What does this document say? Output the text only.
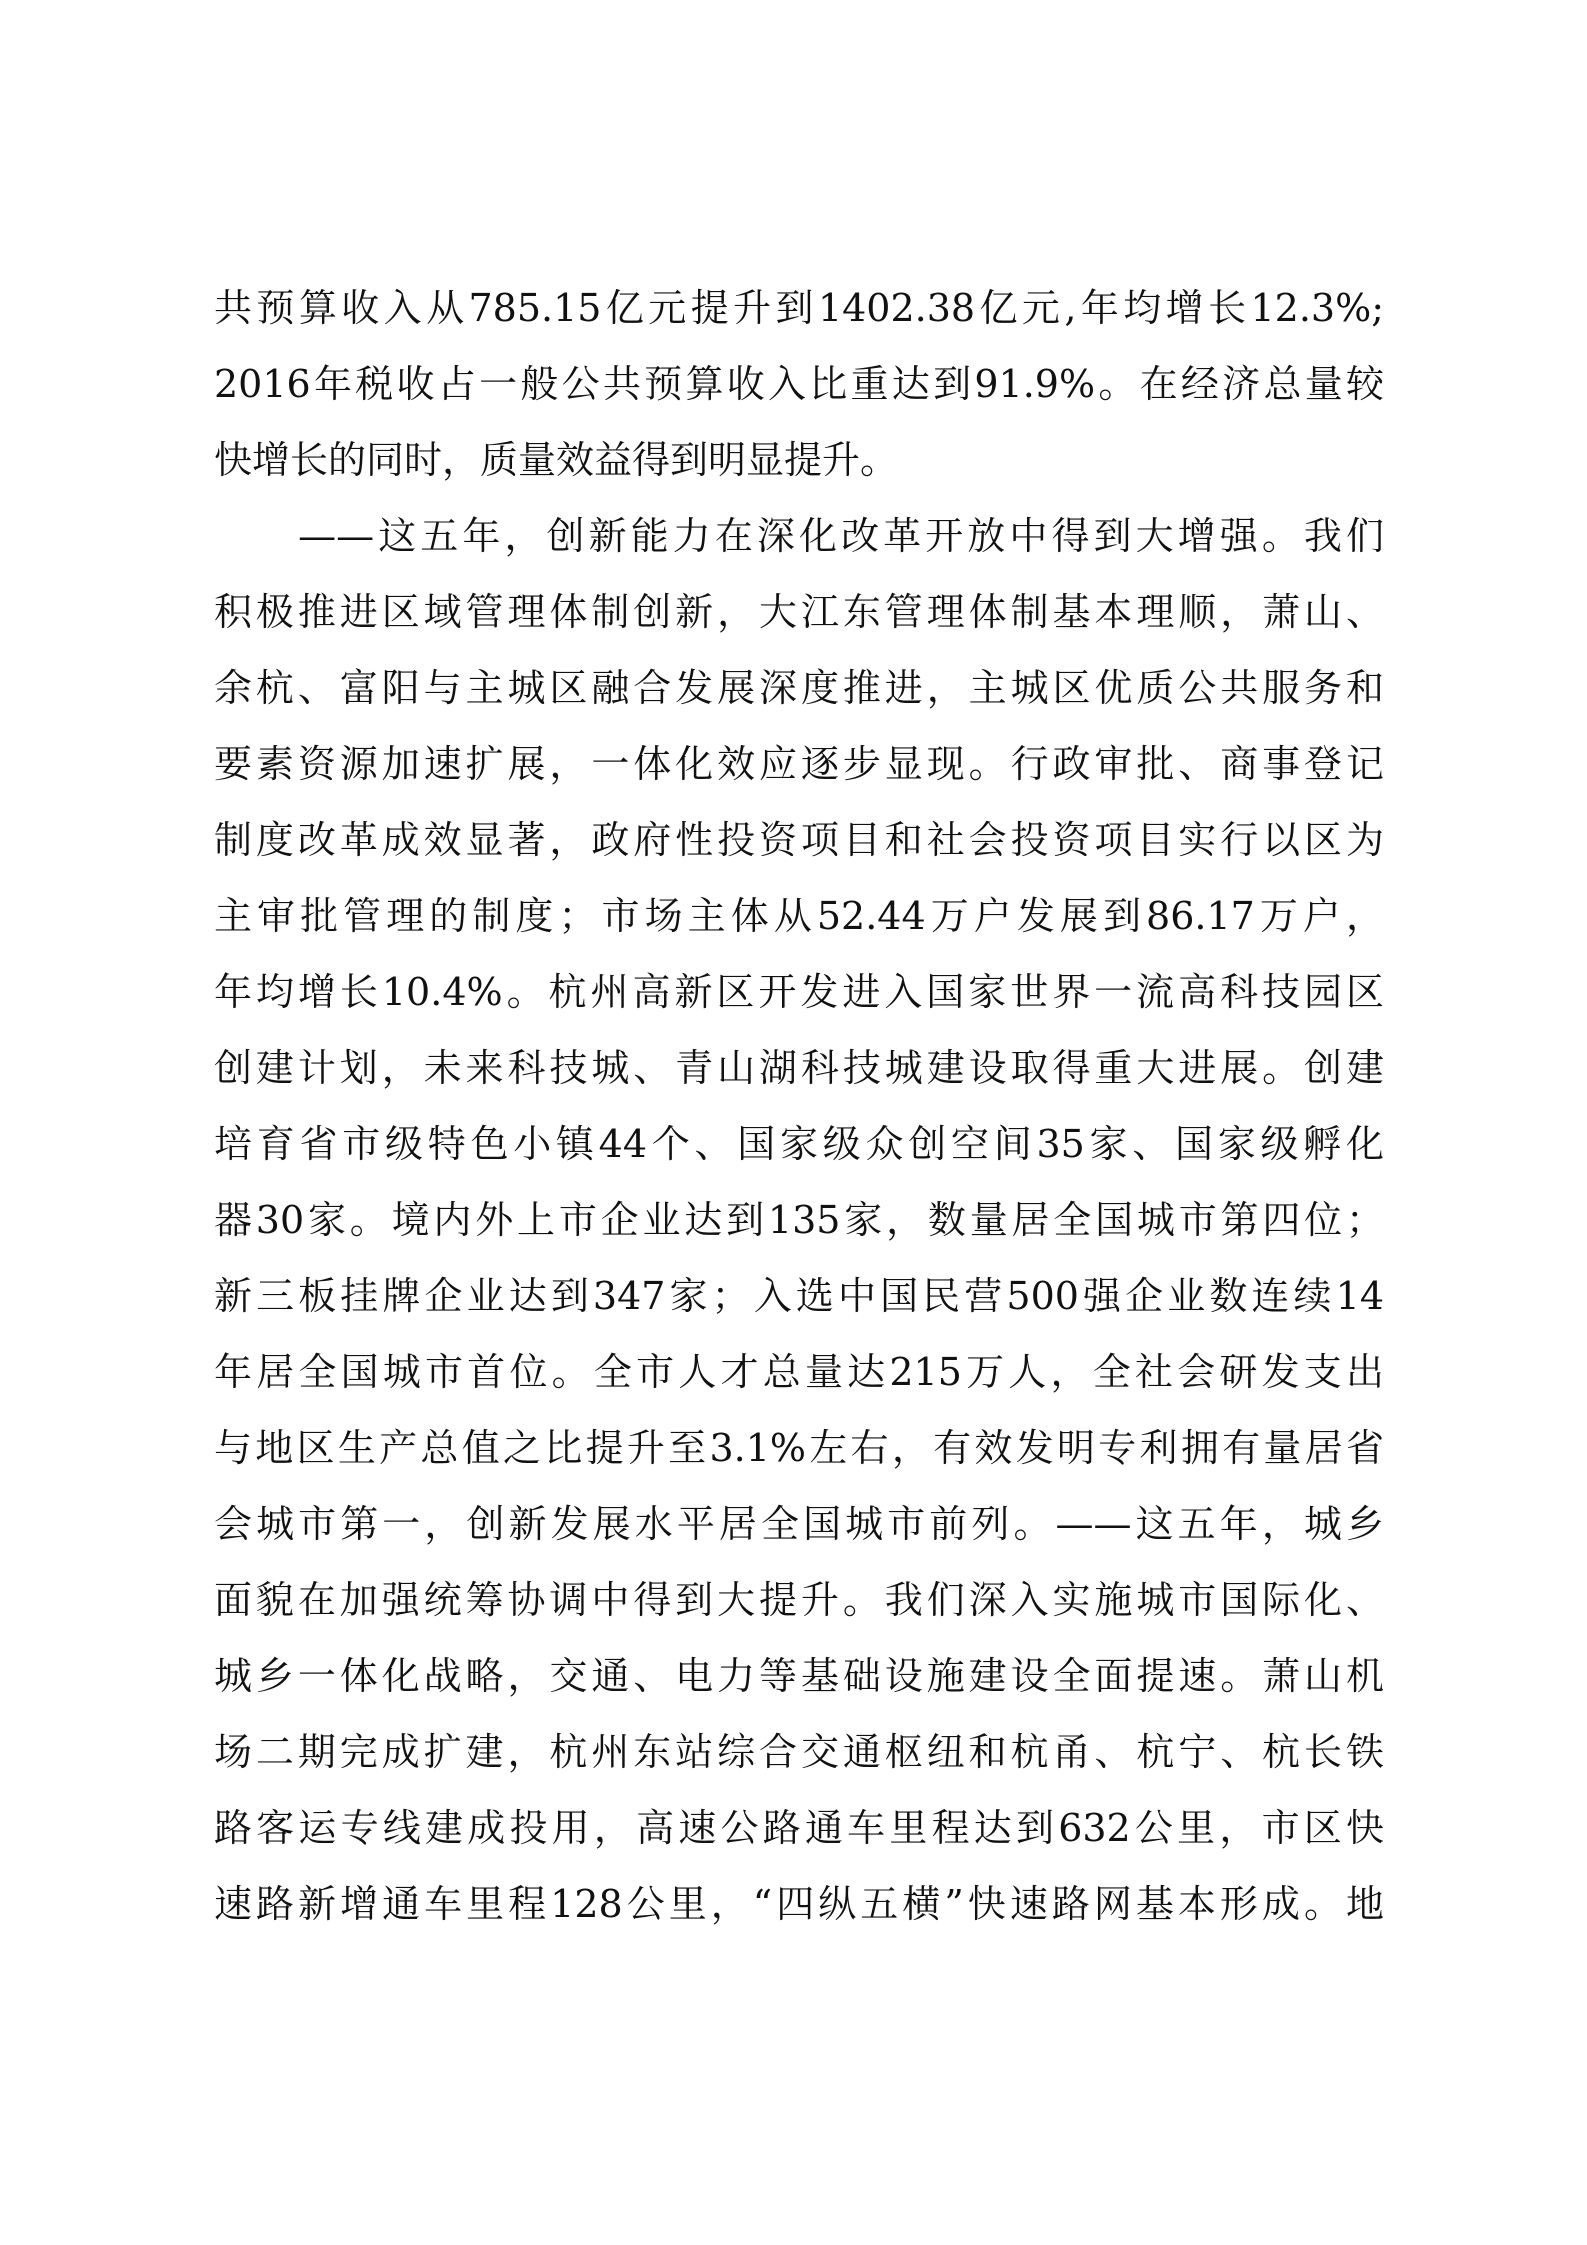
共预算收入从785.15亿元提升到1402.38亿元,年均增长12.3%;
2016年税收占一般公共预算收入比重达到91.9%。在经济总量较
快增长的同时，质量效益得到明显提升。
　　——这五年，创新能力在深化改革开放中得到大增强。我们
积极推进区域管理体制创新，大江东管理体制基本理顺，萧山、
余杭、富阳与主城区融合发展深度推进，主城区优质公共服务和
要素资源加速扩展，一体化效应逐步显现。行政审批、商事登记
制度改革成效显著，政府性投资项目和社会投资项目实行以区为
主审批管理的制度；市场主体从52.44万户发展到86.17万户，
年均增长10.4%。杭州高新区开发进入国家世界一流高科技园区
创建计划，未来科技城、青山湖科技城建设取得重大进展。创建
培育省市级特色小镇44个、国家级众创空间35家、国家级孵化
器30家。境内外上市企业达到135家，数量居全国城市第四位；
新三板挂牌企业达到347家；入选中国民营500强企业数连续14
年居全国城市首位。全市人才总量达215万人，全社会研发支出
与地区生产总值之比提升至3.1%左右，有效发明专利拥有量居省
会城市第一，创新发展水平居全国城市前列。——这五年，城乡
面貌在加强统筹协调中得到大提升。我们深入实施城市国际化、
城乡一体化战略，交通、电力等基础设施建设全面提速。萧山机
场二期完成扩建，杭州东站综合交通枢纽和杭甬、杭宁、杭长铁
路客运专线建成投用，高速公路通车里程达到632公里，市区快
速路新增通车里程128公里，“四纵五横”快速路网基本形成。地
